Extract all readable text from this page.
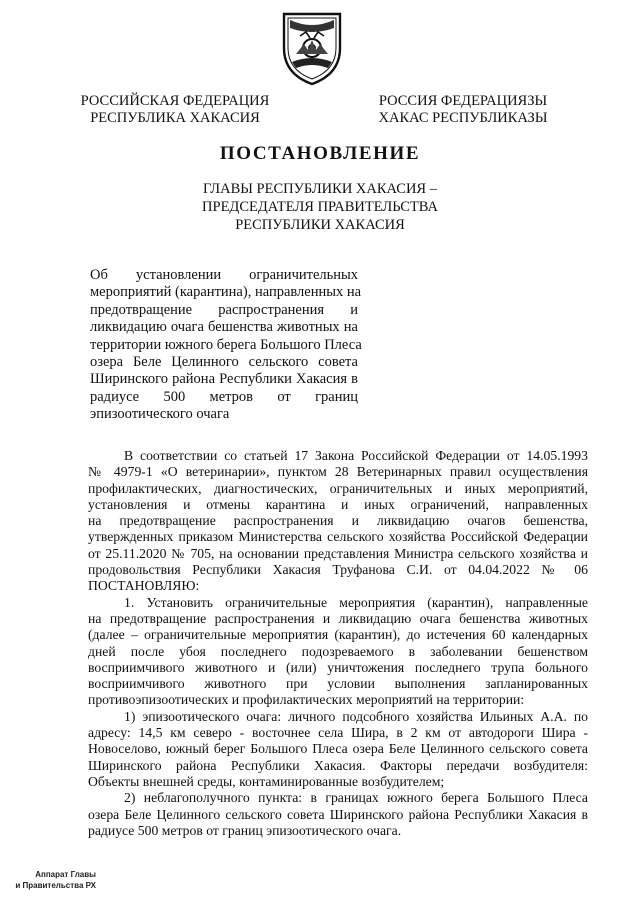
РОССИЙСКАЯ ФЕДЕРАЦИЯ
РЕСПУБЛИКА ХАКАСИЯ
РОССИЯ ФЕДЕРАЦИЯЗЫ
ХАКАС РЕСПУБЛИКАЗЫ
ПОСТАНОВЛЕНИЕ
ГЛАВЫ РЕСПУБЛИКИ ХАКАСИЯ –
ПРЕДСЕДАТЕЛЯ ПРАВИТЕЛЬСТВА
РЕСПУБЛИКИ ХАКАСИЯ
Об установлении ограничительных
мероприятий (карантина), направленных на
предотвращение распространения и
ликвидацию очага бешенства животных на
территории южного берега Большого Плеса
озера Беле Целинного сельского совета
Ширинского района Республики Хакасия в
радиусе 500 метров от границ
эпизоотического очага
В соответствии со статьей 17 Закона Российской Федерации от 14.05.1993
№ 4979-1 «О ветеринарии», пунктом 28 Ветеринарных правил осуществления
профилактических, диагностических, ограничительных и иных мероприятий,
установления и отмены карантина и иных ограничений, направленных
на предотвращение распространения и ликвидацию очагов бешенства,
утвержденных приказом Министерства сельского хозяйства Российской Федерации
от 25.11.2020 № 705, на основании представления Министра сельского хозяйства и
продовольствия Республики Хакасия Труфанова С.И. от 04.04.2022 № 06
ПОСТАНОВЛЯЮ:
1. Установить ограничительные мероприятия (карантин), направленные
на предотвращение распространения и ликвидацию очага бешенства животных
(далее – ограничительные мероприятия (карантин), до истечения 60 календарных
дней после убоя последнего подозреваемого в заболевании бешенством
восприимчивого животного и (или) уничтожения последнего трупа больного
восприимчивого животного при условии выполнения запланированных
противоэпизоотических и профилактических мероприятий на территории:
1) эпизоотического очага: личного подсобного хозяйства Ильиных А.А. по
адресу: 14,5 км северо - восточнее села Шира, в 2 км от автодороги Шира -
Новоселово, южный берег Большого Плеса озера Беле Целинного сельского совета
Ширинского района Республики Хакасия. Факторы передачи возбудителя:
Объекты внешней среды, контаминированные возбудителем;
2) неблагополучного пункта: в границах южного берега Большого Плеса
озера Беле Целинного сельского совета Ширинского района Республики Хакасия в
радиусе 500 метров от границ эпизоотического очага.
Аппарат Главы
и Правительства РХ
